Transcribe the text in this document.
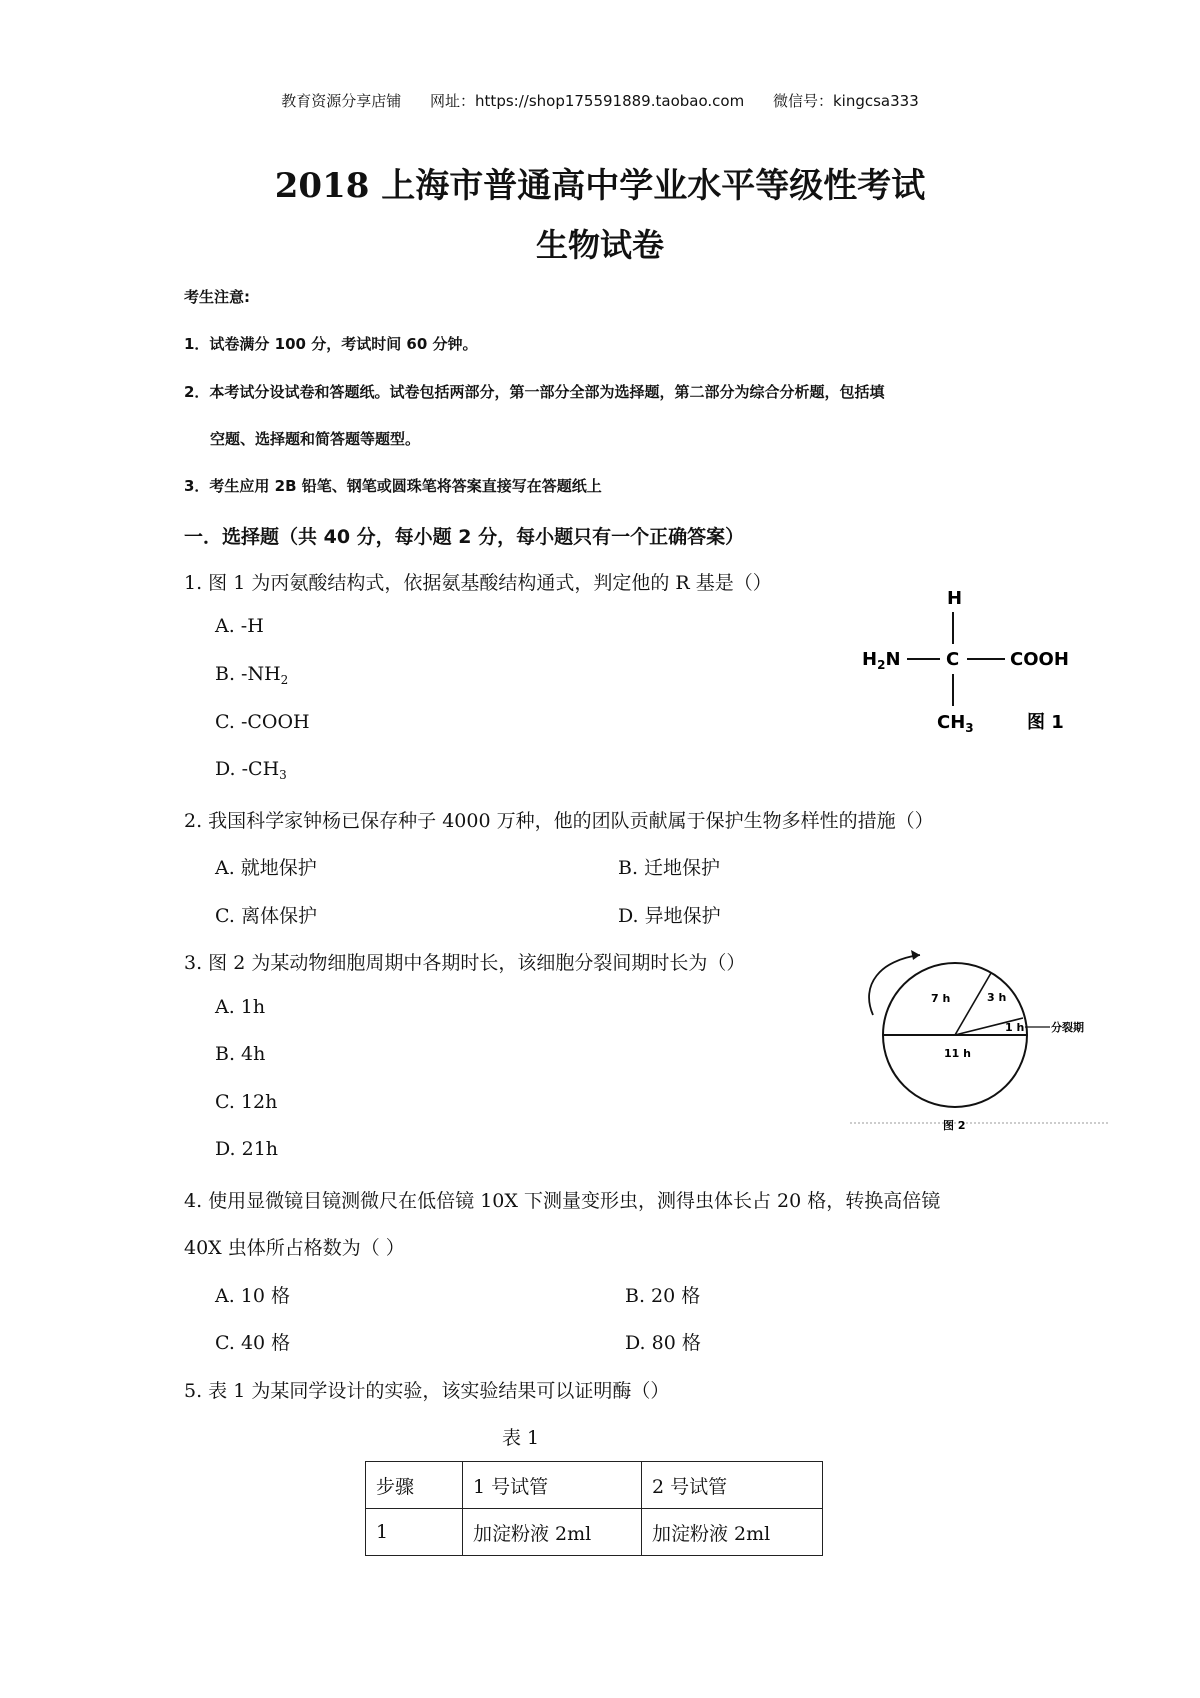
教育资源分享店铺 网址：https://shop175591889.taobao.com 微信号：kingcsa333
2018 上海市普通高中学业水平等级性考试
生物试卷
考生注意:
1．试卷满分 100 分，考试时间 60 分钟。
2．本考试分设试卷和答题纸。试卷包括两部分，第一部分全部为选择题，第二部分为综合分析题，包括填
空题、选择题和简答题等题型。
3．考生应用 2B 铅笔、钢笔或圆珠笔将答案直接写在答题纸上
一．选择题（共 40 分，每小题 2 分，每小题只有一个正确答案）
1. 图 1 为丙氨酸结构式，依据氨基酸结构通式，判定他的 R 基是（）
A. -H
B. $-NH_2$
C. -COOH
D. $-CH_3$
H
$H_2N$	C	COOH
$CH_3$	图 1
2. 我国科学家钟杨已保存种子 4000 万种，他的团队贡献属于保护生物多样性的措施（）
A. 就地保护	B. 迁地保护
C. 离体保护	D. 异地保护
3. 图 2 为某动物细胞周期中各期时长，该细胞分裂间期时长为（）
A. 1h
B. 4h
C. 12h
D. 21h
7 h	3 h
1 h
11 h
分裂期
图 2
4. 使用显微镜目镜测微尺在低倍镜 10X 下测量变形虫，测得虫体长占 20 格，转换高倍镜
40X 虫体所占格数为（ ）
A. 10 格	B. 20 格
C. 40 格	D. 80 格
5. 表 1 为某同学设计的实验，该实验结果可以证明酶（）
表 1
步骤	1 号试管	2 号试管
1	加淀粉液 2ml	加淀粉液 2ml
